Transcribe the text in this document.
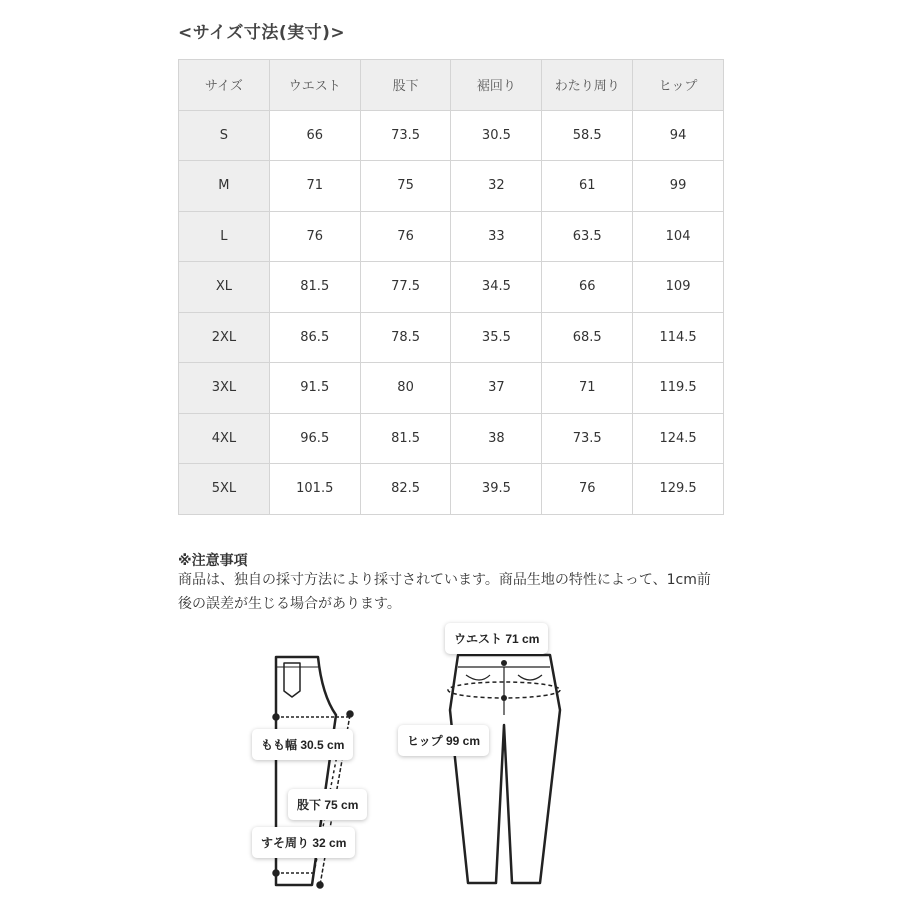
<サイズ寸法(実寸)>
サイズ	ウエスト	股下	裾回り	わたり周り	ヒップ
S	66	73.5	30.5	58.5	94
M	71	75	32	61	99
L	76	76	33	63.5	104
XL	81.5	77.5	34.5	66	109
2XL	86.5	78.5	35.5	68.5	114.5
3XL	91.5	80	37	71	119.5
4XL	96.5	81.5	38	73.5	124.5
5XL	101.5	82.5	39.5	76	129.5
※注意事項
商品は、独自の採寸方法により採寸されています。商品生地の特性によって、1cm前後の誤差が生じる場合があります。
ウエスト 71 cm
ヒップ 99 cm
もも幅 30.5 cm
股下 75 cm
すそ周り 32 cm
